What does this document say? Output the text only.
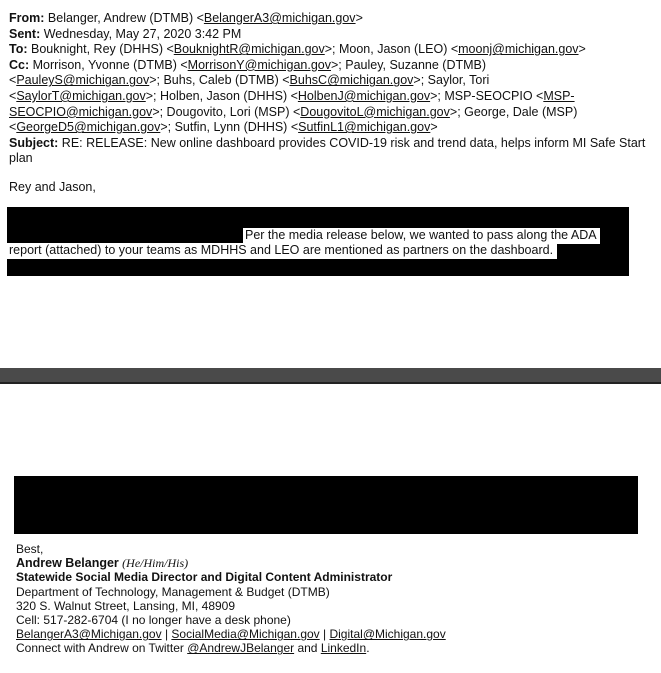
From: Belanger, Andrew (DTMB) <BelangerA3@michigan.gov>
Sent: Wednesday, May 27, 2020 3:42 PM
To: Bouknight, Rey (DHHS) <BouknightR@michigan.gov>; Moon, Jason (LEO) <moonj@michigan.gov>
Cc: Morrison, Yvonne (DTMB) <MorrisonY@michigan.gov>; Pauley, Suzanne (DTMB)
<PauleyS@michigan.gov>; Buhs, Caleb (DTMB) <BuhsC@michigan.gov>; Saylor, Tori
<SaylorT@michigan.gov>; Holben, Jason (DHHS) <HolbenJ@michigan.gov>; MSP-SEOCPIO <MSP-
SEOCPIO@michigan.gov>; Dougovito, Lori (MSP) <DougovitoL@michigan.gov>; George, Dale (MSP)
<GeorgeD5@michigan.gov>; Sutfin, Lynn (DHHS) <SutfinL1@michigan.gov>
Subject: RE: RELEASE: New online dashboard provides COVID-19 risk and trend data, helps inform MI Safe Start plan
Rey and Jason,
Per the media release below, we wanted to pass along the ADA
report (attached) to your teams as MDHHS and LEO are mentioned as partners on the dashboard.
Best,
Andrew Belanger (He/Him/His)
Statewide Social Media Director and Digital Content Administrator
Department of Technology, Management & Budget (DTMB)
320 S. Walnut Street, Lansing, MI, 48909
Cell: 517-282-6704 (I no longer have a desk phone)
BelangerA3@Michigan.gov | SocialMedia@Michigan.gov | Digital@Michigan.gov
Connect with Andrew on Twitter @AndrewJBelanger and LinkedIn.
